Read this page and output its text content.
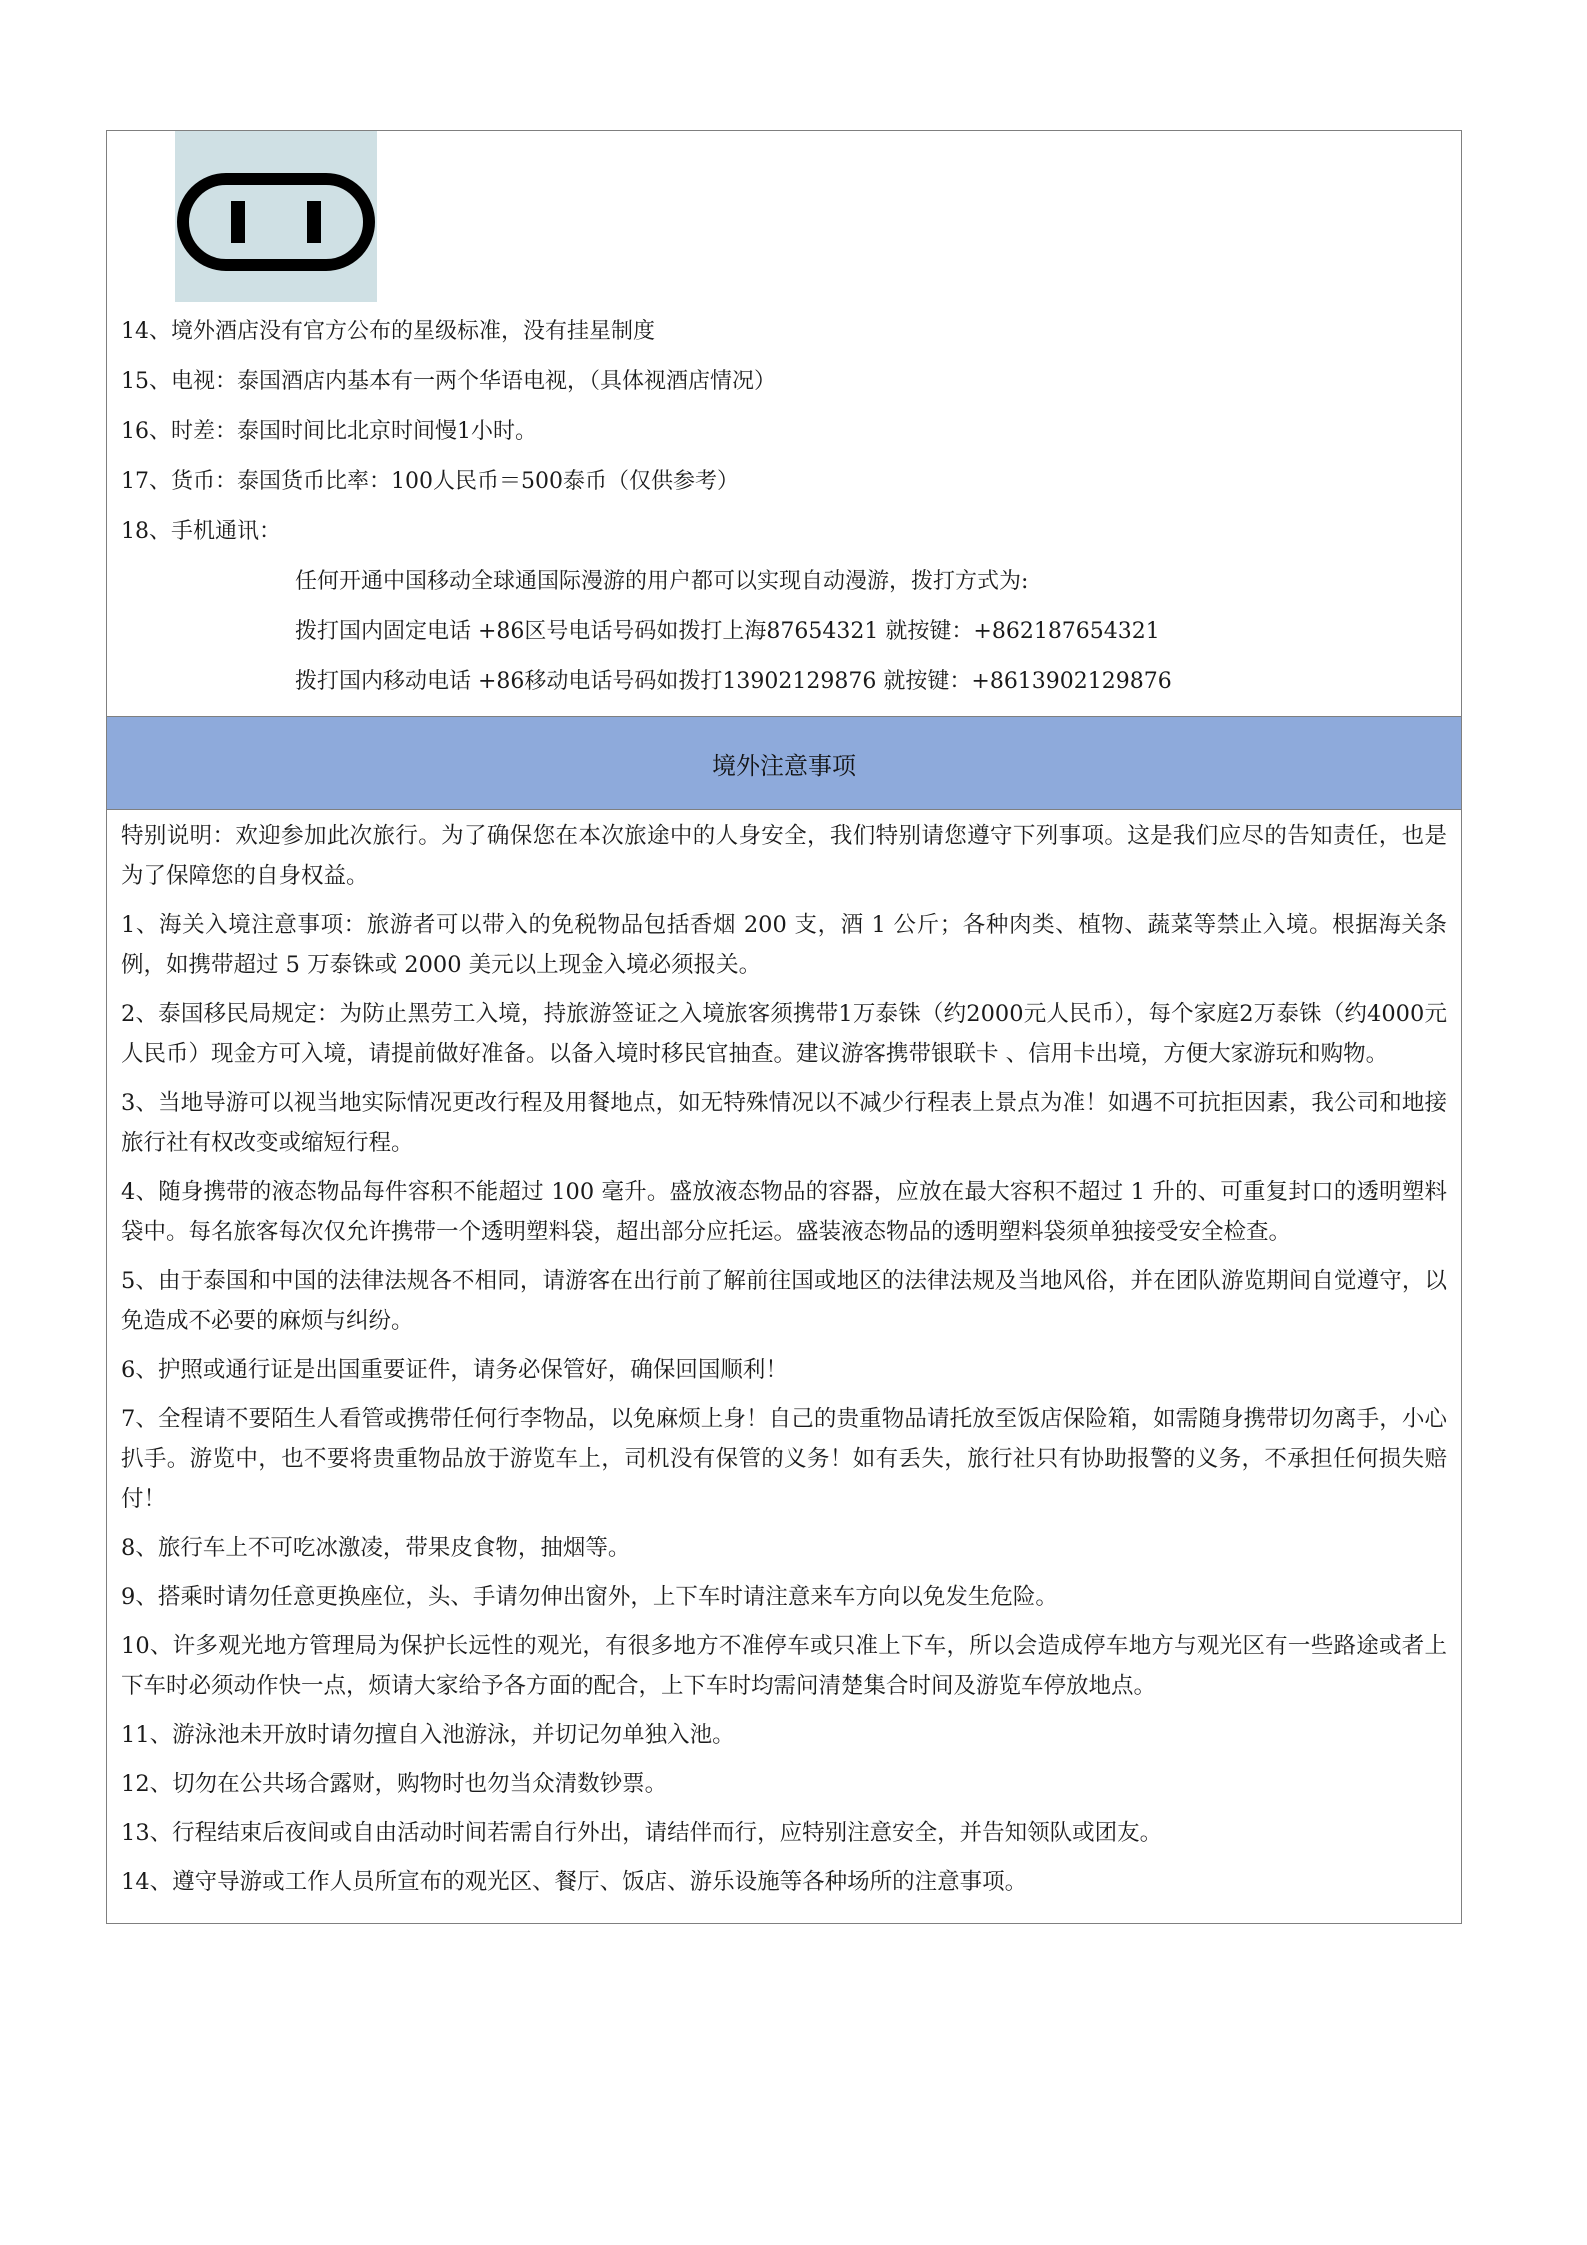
14、境外酒店没有官方公布的星级标准，没有挂星制度
15、电视：泰国酒店内基本有一两个华语电视，（具体视酒店情况）
16、时差：泰国时间比北京时间慢1小时。
17、货币：泰国货币比率：100人民币＝500泰币（仅供参考）
18、手机通讯：
任何开通中国移动全球通国际漫游的用户都可以实现自动漫游，拨打方式为:
拨打国内固定电话 +86区号电话号码如拨打上海87654321 就按键：+862187654321
拨打国内移动电话 +86移动电话号码如拨打13902129876 就按键：+8613902129876
境外注意事项

特别说明：欢迎参加此次旅行。为了确保您在本次旅途中的人身安全，我们特别请您遵守下列事项。这是我们应尽的告知责任，也是为了保障您的自身权益。

1、海关入境注意事项：旅游者可以带入的免税物品包括香烟 200 支，酒 1 公斤；各种肉类、植物、蔬菜等禁止入境。根据海关条例，如携带超过 5 万泰铢或 2000 美元以上现金入境必须报关。

2、泰国移民局规定：为防止黑劳工入境，持旅游签证之入境旅客须携带1万泰铢（约2000元人民币），每个家庭2万泰铢（约4000元人民币）现金方可入境，请提前做好准备。以备入境时移民官抽查。建议游客携带银联卡 、信用卡出境，方便大家游玩和购物。

3、当地导游可以视当地实际情况更改行程及用餐地点，如无特殊情况以不减少行程表上景点为准！如遇不可抗拒因素，我公司和地接旅行社有权改变或缩短行程。

4、随身携带的液态物品每件容积不能超过 100 毫升。盛放液态物品的容器，应放在最大容积不超过 1 升的、可重复封口的透明塑料袋中。每名旅客每次仅允许携带一个透明塑料袋，超出部分应托运。盛装液态物品的透明塑料袋须单独接受安全检查。

5、由于泰国和中国的法律法规各不相同，请游客在出行前了解前往国或地区的法律法规及当地风俗，并在团队游览期间自觉遵守，以免造成不必要的麻烦与纠纷。

6、护照或通行证是出国重要证件，请务必保管好，确保回国顺利！

7、全程请不要陌生人看管或携带任何行李物品，以免麻烦上身！自己的贵重物品请托放至饭店保险箱，如需随身携带切勿离手，小心扒手。游览中，也不要将贵重物品放于游览车上，司机没有保管的义务！如有丢失，旅行社只有协助报警的义务，不承担任何损失赔付！

8、旅行车上不可吃冰激凌，带果皮食物，抽烟等。

9、搭乘时请勿任意更换座位，头、手请勿伸出窗外，上下车时请注意来车方向以免发生危险。

10、许多观光地方管理局为保护长远性的观光，有很多地方不准停车或只准上下车，所以会造成停车地方与观光区有一些路途或者上下车时必须动作快一点，烦请大家给予各方面的配合，上下车时均需问清楚集合时间及游览车停放地点。

11、游泳池未开放时请勿擅自入池游泳，并切记勿单独入池。

12、切勿在公共场合露财，购物时也勿当众清数钞票。

13、行程结束后夜间或自由活动时间若需自行外出，请结伴而行，应特别注意安全，并告知领队或团友。

14、遵守导游或工作人员所宣布的观光区、餐厅、饭店、游乐设施等各种场所的注意事项。
